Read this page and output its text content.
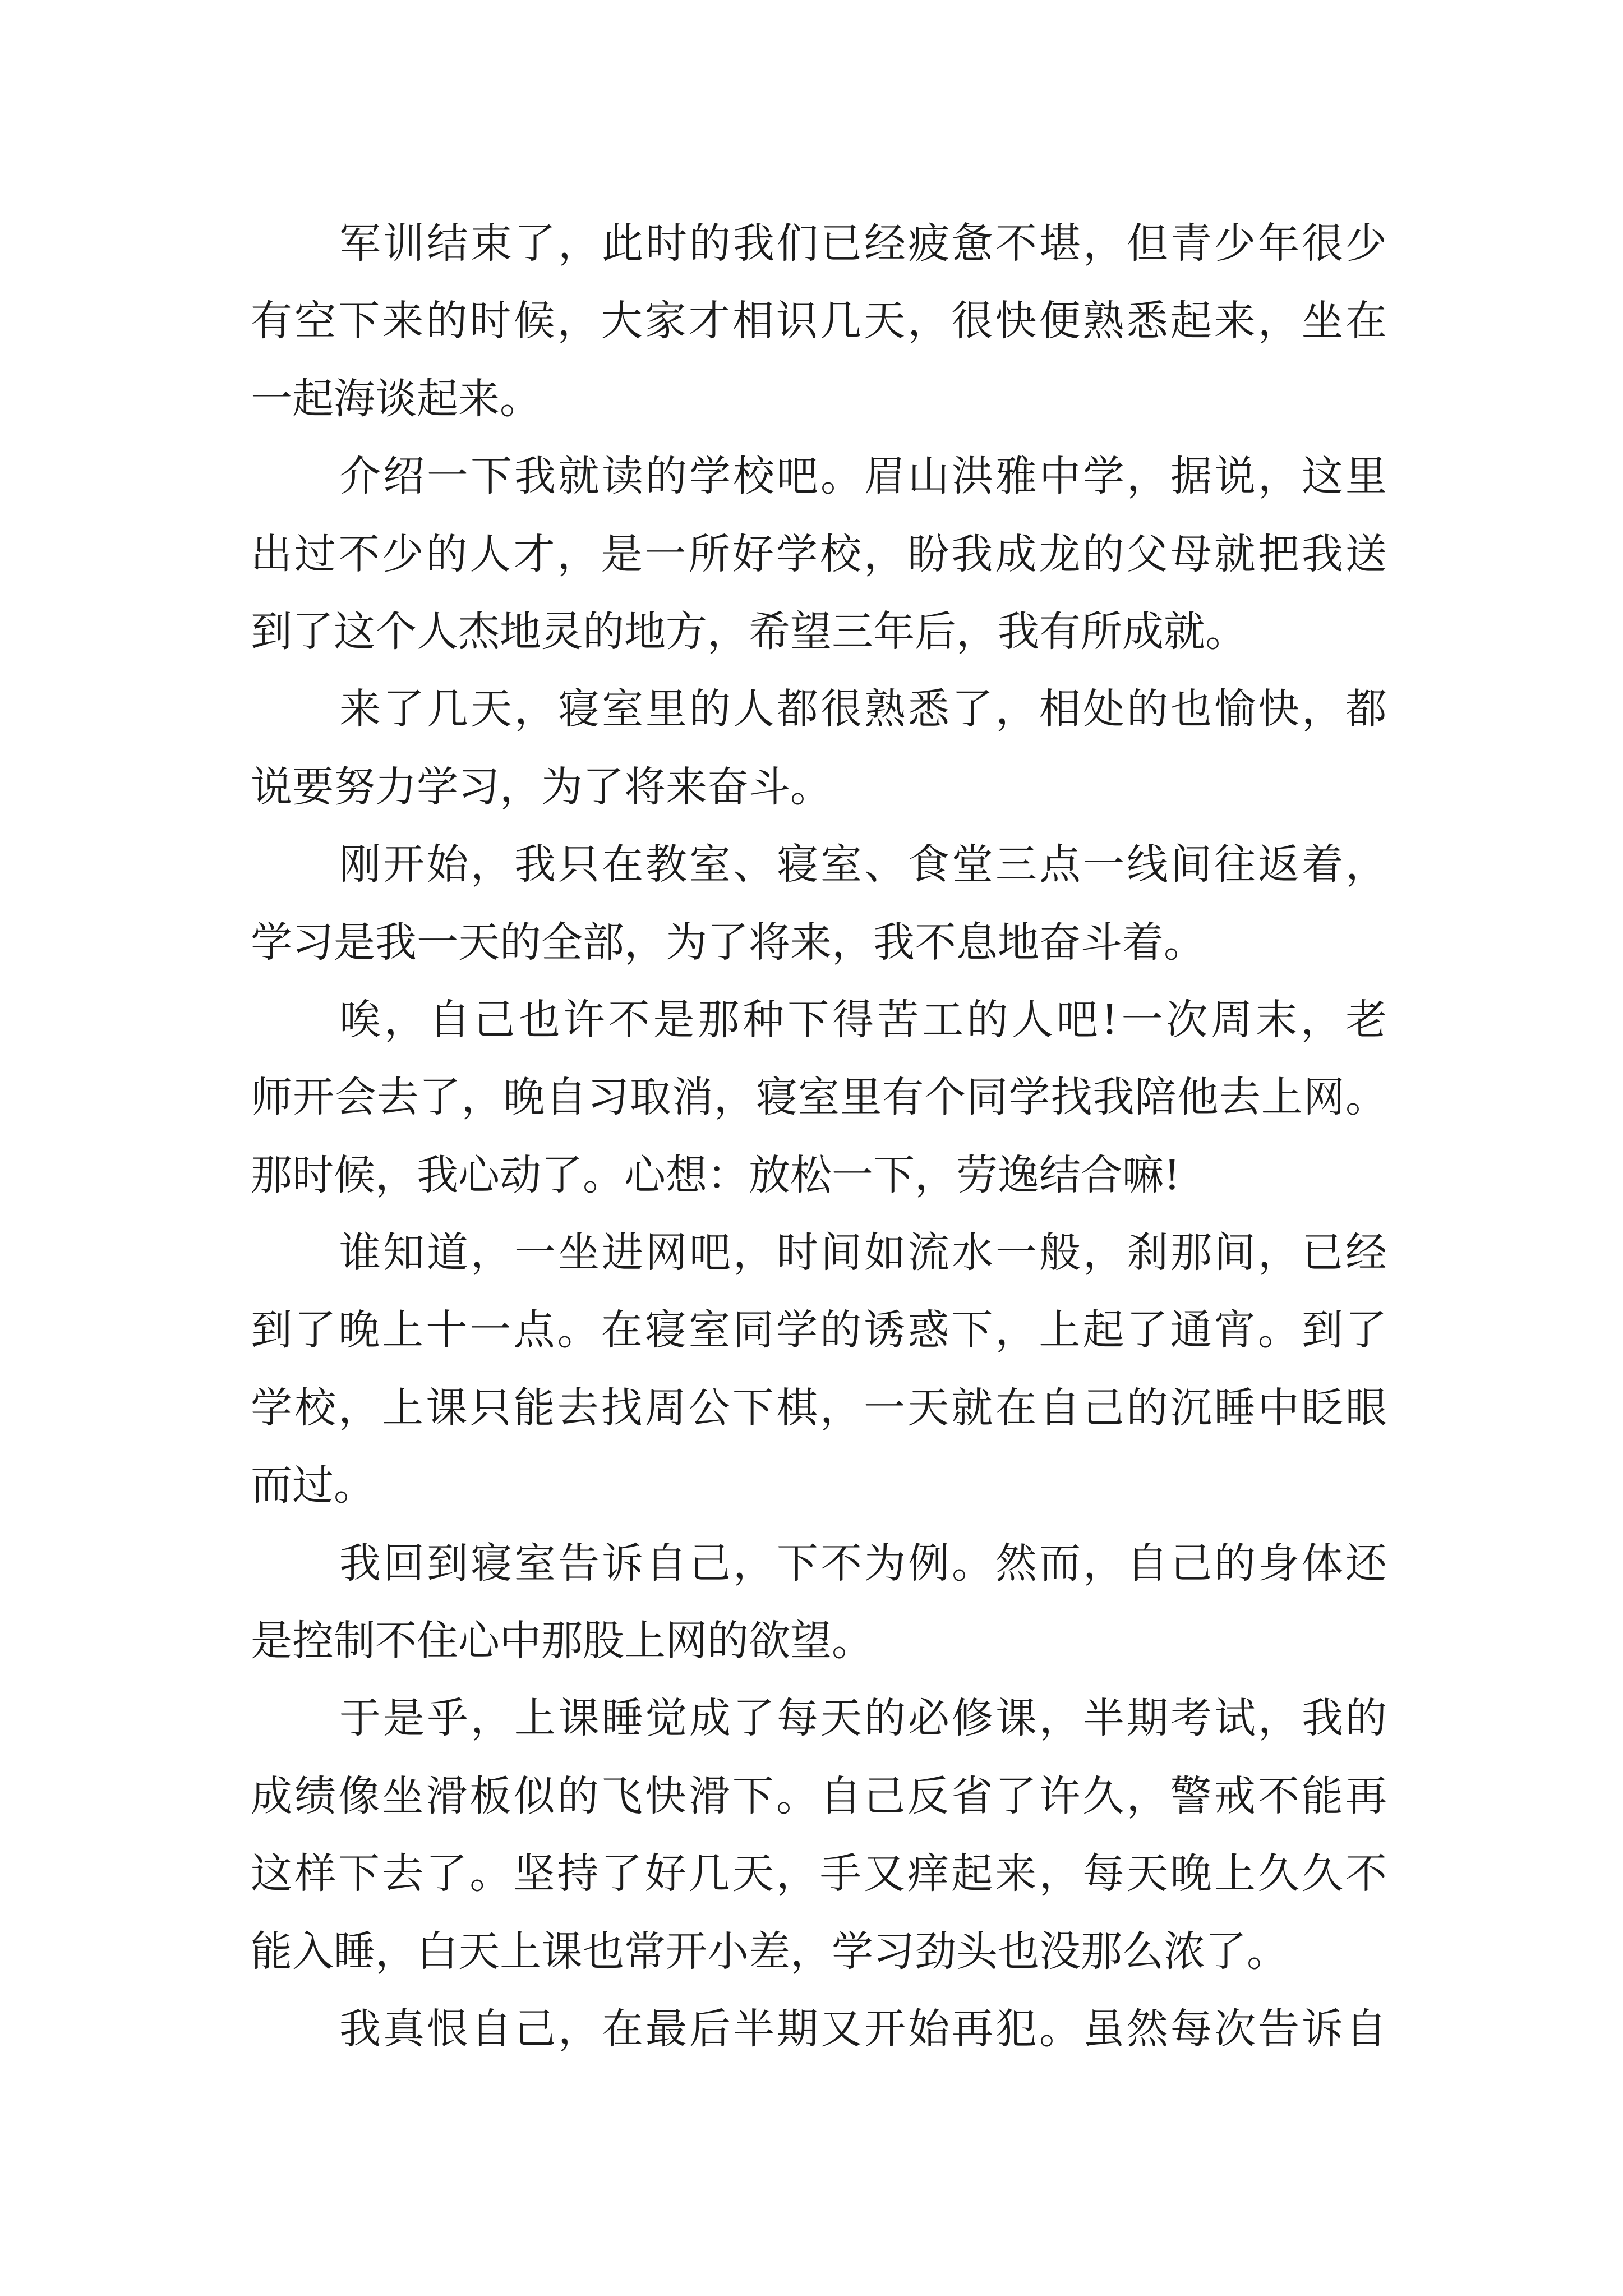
军训结束了，此时的我们已经疲惫不堪，但青少年很少
有空下来的时候，大家才相识几天，很快便熟悉起来，坐在
一起海谈起来。
介绍一下我就读的学校吧。眉山洪雅中学，据说，这里
出过不少的人才，是一所好学校，盼我成龙的父母就把我送
到了这个人杰地灵的地方，希望三年后，我有所成就。
来了几天，寝室里的人都很熟悉了，相处的也愉快，都
说要努力学习，为了将来奋斗。
刚开始，我只在教室、寝室、食堂三点一线间往返着，
学习是我一天的全部，为了将来，我不息地奋斗着。
唉，自己也许不是那种下得苦工的人吧!一次周末，老
师开会去了，晚自习取消，寝室里有个同学找我陪他去上网。
那时候，我心动了。心想：放松一下，劳逸结合嘛!
谁知道，一坐进网吧，时间如流水一般，刹那间，已经
到了晚上十一点。在寝室同学的诱惑下，上起了通宵。到了
学校，上课只能去找周公下棋，一天就在自己的沉睡中眨眼
而过。
我回到寝室告诉自己，下不为例。然而，自己的身体还
是控制不住心中那股上网的欲望。
于是乎，上课睡觉成了每天的必修课，半期考试，我的
成绩像坐滑板似的飞快滑下。自己反省了许久，警戒不能再
这样下去了。坚持了好几天，手又痒起来，每天晚上久久不
能入睡，白天上课也常开小差，学习劲头也没那么浓了。
我真恨自己，在最后半期又开始再犯。虽然每次告诉自
